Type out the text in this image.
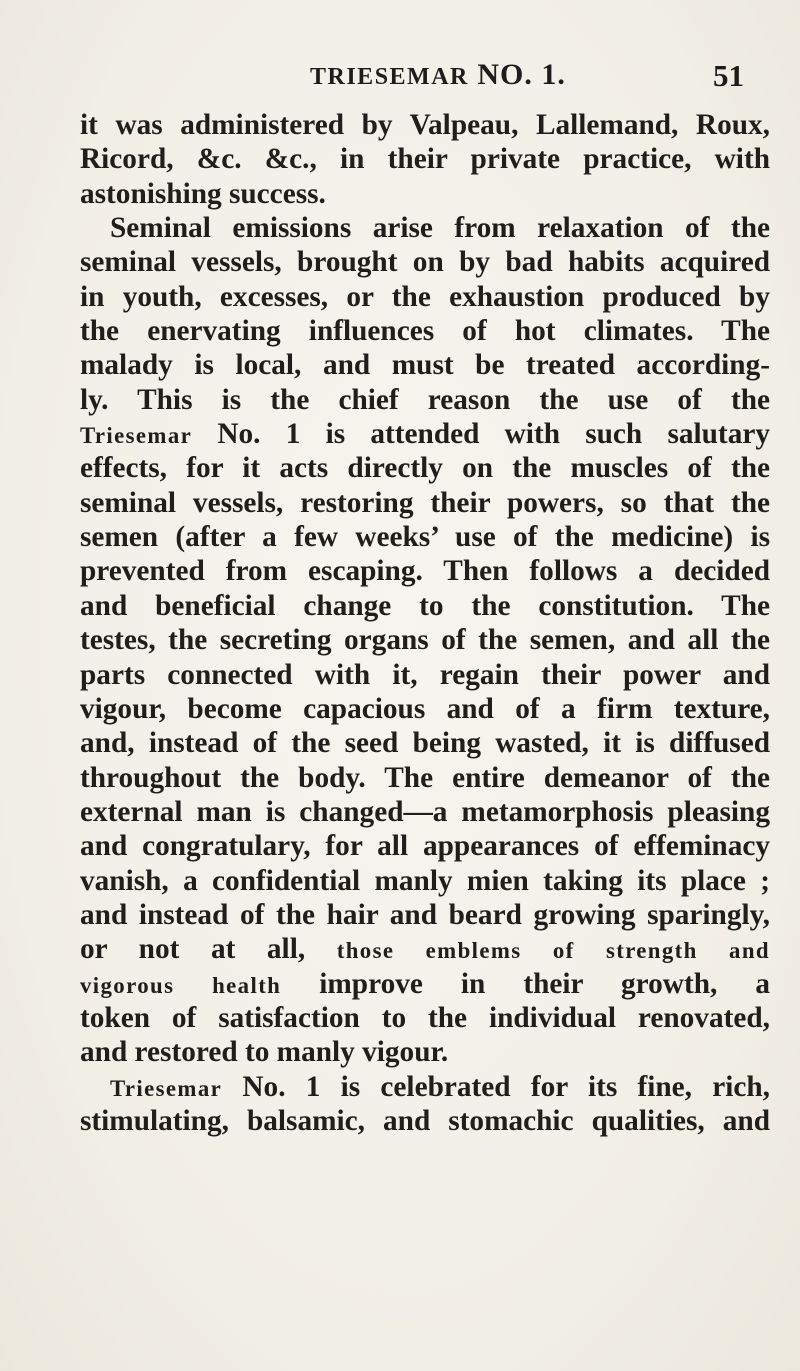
TRIESEMAR NO. 1.	51
it was administered by Valpeau, Lallemand, Roux,
Ricord, &c. &c., in their private practice, with
astonishing success.
Seminal emissions arise from relaxation of the
seminal vessels, brought on by bad habits acquired
in youth, excesses, or the exhaustion produced by
the enervating influences of hot climates. The
malady is local, and must be treated according-
ly. This is the chief reason the use of the
Triesemar No. 1 is attended with such salutary
effects, for it acts directly on the muscles of the
seminal vessels, restoring their powers, so that the
semen (after a few weeks’ use of the medicine) is
prevented from escaping. Then follows a decided
and beneficial change to the constitution. The
testes, the secreting organs of the semen, and all the
parts connected with it, regain their power and
vigour, become capacious and of a firm texture,
and, instead of the seed being wasted, it is diffused
throughout the body. The entire demeanor of the
external man is changed—a metamorphosis pleasing
and congratulary, for all appearances of effeminacy
vanish, a confidential manly mien taking its place ;
and instead of the hair and beard growing sparingly,
or not at all, those emblems of strength and
vigorous health improve in their growth, a
token of satisfaction to the individual renovated,
and restored to manly vigour.
Triesemar No. 1 is celebrated for its fine, rich,
stimulating, balsamic, and stomachic qualities, and
